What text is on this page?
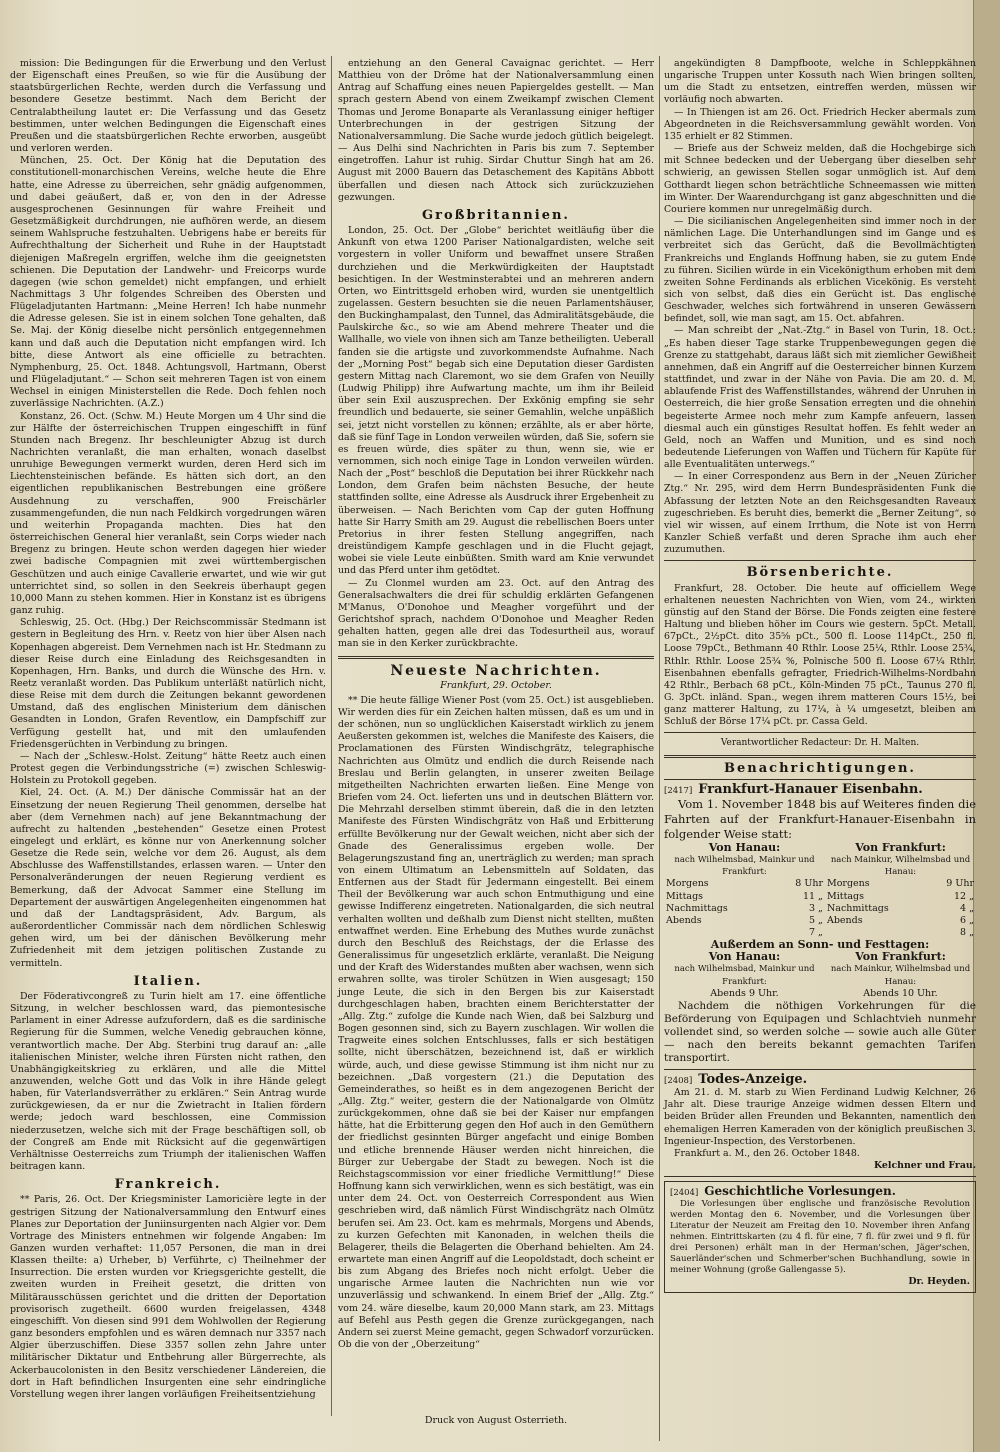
mission: Die Bedingungen für die Erwerbung und den Verlust der Eigenschaft eines Preußen, so wie für die Ausübung der staatsbürgerlichen Rechte, werden durch die Verfassung und besondere Gesetze bestimmt. Nach dem Bericht der Centralabtheilung lautet er: Die Verfassung und das Gesetz bestimmen, unter welchen Bedingungen die Eigenschaft eines Preußen und die staatsbürgerlichen Rechte erworben, ausgeübt und verloren werden.

München, 25. Oct. Der König hat die Deputation des constitutionell-monarchischen Vereins, welche heute die Ehre hatte, eine Adresse zu überreichen, sehr gnädig aufgenommen, und dabei geäußert, daß er, von den in der Adresse ausgesprochenen Gesinnungen für wahre Freiheit und Gesetzmäßigkeit durchdrungen, nie aufhören werde, an diesem seinem Wahlspruche festzuhalten. Uebrigens habe er bereits für Aufrechthaltung der Sicherheit und Ruhe in der Hauptstadt diejenigen Maßregeln ergriffen, welche ihm die geeignetsten schienen. Die Deputation der Landwehr- und Freicorps wurde dagegen (wie schon gemeldet) nicht empfangen, und erhielt Nachmittags 3 Uhr folgendes Schreiben des Obersten und Flügeladjutanten Hartmann: „Meine Herren! Ich habe nunmehr die Adresse gelesen. Sie ist in einem solchen Tone gehalten, daß Se. Maj. der König dieselbe nicht persönlich entgegennehmen kann und daß auch die Deputation nicht empfangen wird. Ich bitte, diese Antwort als eine officielle zu betrachten. Nymphenburg, 25. Oct. 1848. Achtungsvoll, Hartmann, Oberst und Flügeladjutant.“ — Schon seit mehreren Tagen ist von einem Wechsel in einigen Ministerstellen die Rede. Doch fehlen noch zuverlässige Nachrichten. (A.Z.)

Konstanz, 26. Oct. (Schw. M.) Heute Morgen um 4 Uhr sind die zur Hälfte der österreichischen Truppen eingeschifft in fünf Stunden nach Bregenz. Ihr beschleunigter Abzug ist durch Nachrichten veranlaßt, die man erhalten, wonach daselbst unruhige Bewegungen vermerkt wurden, deren Herd sich im Liechtensteinischen befände. Es hätten sich dort, an den eigentlichen republikanischen Bestrebungen eine größere Ausdehnung zu verschaffen, 900 Freischärler zusammengefunden, die nun nach Feldkirch vorgedrungen wären und weiterhin Propaganda machten. Dies hat den österreichischen General hier veranlaßt, sein Corps wieder nach Bregenz zu bringen. Heute schon werden dagegen hier wieder zwei badische Compagnien mit zwei württembergischen Geschützen und auch einige Cavallerie erwartet, und wie wir gut unterrichtet sind, so sollen in den Seekreis überhaupt gegen 10,000 Mann zu stehen kommen. Hier in Konstanz ist es übrigens ganz ruhig.

Schleswig, 25. Oct. (Hbg.) Der Reichscommissär Stedmann ist gestern in Begleitung des Hrn. v. Reetz von hier über Alsen nach Kopenhagen abgereist. Dem Vernehmen nach ist Hr. Stedmann zu dieser Reise durch eine Einladung des Reichsgesandten in Kopenhagen, Hrn. Banks, und durch die Wünsche des Hrn. v. Reetz veranlaßt worden. Das Publikum unterläßt natürlich nicht, diese Reise mit dem durch die Zeitungen bekannt gewordenen Umstand, daß des englischen Ministerium dem dänischen Gesandten in London, Grafen Reventlow, ein Dampfschiff zur Verfügung gestellt hat, und mit den umlaufenden Friedensgerüchten in Verbindung zu bringen.

— Nach der „Schlesw.-Holst. Zeitung“ hätte Reetz auch einen Protest gegen die Verbindungsstriche (=) zwischen Schleswig-Holstein zu Protokoll gegeben.

Kiel, 24. Oct. (A. M.) Der dänische Commissär hat an der Einsetzung der neuen Regierung Theil genommen, derselbe hat aber (dem Vernehmen nach) auf jene Bekanntmachung der aufrecht zu haltenden „bestehenden“ Gesetze einen Protest eingelegt und erklärt, es könne nur von Anerkennung solcher Gesetze die Rede sein, welche vor dem 26. August, als dem Abschlusse des Waffenstillstandes, erlassen waren. — Unter den Personalveränderungen der neuen Regierung verdient es Bemerkung, daß der Advocat Sammer eine Stellung im Departement der auswärtigen Angelegenheiten eingenommen hat und daß der Landtagspräsident, Adv. Bargum, als außerordentlicher Commissär nach dem nördlichen Schleswig gehen wird, um bei der dänischen Bevölkerung mehr Zufriedenheit mit dem jetzigen politischen Zustande zu vermitteln.

Italien.

Der Föderativcongreß zu Turin hielt am 17. eine öffentliche Sitzung, in welcher beschlossen ward, das piemontesische Parlament in einer Adresse aufzufordern, daß es die sardinische Regierung für die Summen, welche Venedig gebrauchen könne, verantwortlich mache. Der Abg. Sterbini trug darauf an: „alle italienischen Minister, welche ihren Fürsten nicht rathen, den Unabhängigkeitskrieg zu erklären, und alle die Mittel anzuwenden, welche Gott und das Volk in ihre Hände gelegt haben, für Vaterlandsverräther zu erklären.“ Sein Antrag wurde zurückgewiesen, da er nur die Zwietracht in Italien fördern werde; jedoch ward beschlossen, eine Commission niederzusetzen, welche sich mit der Frage beschäftigen soll, ob der Congreß am Ende mit Rücksicht auf die gegenwärtigen Verhältnisse Oesterreichs zum Triumph der italienischen Waffen beitragen kann.

Frankreich.

** Paris, 26. Oct. Der Kriegsminister Lamoricière legte in der gestrigen Sitzung der Nationalversammlung den Entwurf eines Planes zur Deportation der Juniinsurgenten nach Algier vor. Dem Vortrage des Ministers entnehmen wir folgende Angaben: Im Ganzen wurden verhaftet: 11,057 Personen, die man in drei Klassen theilte: a) Urheber, b) Verführte, c) Theilnehmer der Insurrection. Die ersten wurden vor Kriegsgerichte gestellt, die zweiten wurden in Freiheit gesetzt, die dritten von Militärausschüssen gerichtet und die dritten der Deportation provisorisch zugetheilt. 6600 wurden freigelassen, 4348 eingeschifft. Von diesen sind 991 dem Wohlwollen der Regierung ganz besonders empfohlen und es wären demnach nur 3357 nach Algier überzuschiffen. Diese 3357 sollen zehn Jahre unter militärischer Diktatur und Entbehrung aller Bürgerrechte, als Ackerbaucolonisten in den Besitz verschiedener Ländereien, die dort in Haft befindlichen Insurgenten eine sehr eindringliche Vorstellung wegen ihrer langen vorläufigen Freiheitsentziehung

entziehung an den General Cavaignac gerichtet. — Herr Matthieu von der Drôme hat der Nationalversammlung einen Antrag auf Schaffung eines neuen Papiergeldes gestellt. — Man sprach gestern Abend von einem Zweikampf zwischen Clement Thomas und Jerome Bonaparte als Veranlassung einiger heftiger Unterbrechungen in der gestrigen Sitzung der Nationalversammlung. Die Sache wurde jedoch gütlich beigelegt. — Aus Delhi sind Nachrichten in Paris bis zum 7. September eingetroffen. Lahur ist ruhig. Sirdar Chuttur Singh hat am 26. August mit 2000 Bauern das Detaschement des Kapitäns Abbott überfallen und diesen nach Attock sich zurückzuziehen gezwungen.

Großbritannien.

London, 25. Oct. Der „Globe“ berichtet weitläufig über die Ankunft von etwa 1200 Pariser Nationalgardisten, welche seit vorgestern in voller Uniform und bewaffnet unsere Straßen durchziehen und die Merkwürdigkeiten der Hauptstadt besichtigen. In der Westminsterabtei und an mehreren andern Orten, wo Eintrittsgeld erhoben wird, wurden sie unentgeltlich zugelassen. Gestern besuchten sie die neuen Parlamentshäuser, den Buckinghampalast, den Tunnel, das Admiralitätsgebäude, die Paulskirche &c., so wie am Abend mehrere Theater und die Wallhalle, wo viele von ihnen sich am Tanze betheiligten. Ueberall fanden sie die artigste und zuvorkommendste Aufnahme. Nach der „Morning Post“ begab sich eine Deputation dieser Gardisten gestern Mittag nach Claremont, wo sie dem Grafen von Neuilly (Ludwig Philipp) ihre Aufwartung machte, um ihm ihr Beileid über sein Exil auszusprechen. Der Exkönig empfing sie sehr freundlich und bedauerte, sie seiner Gemahlin, welche unpäßlich sei, jetzt nicht vorstellen zu können; erzählte, als er aber hörte, daß sie fünf Tage in London verweilen würden, daß Sie, sofern sie es freuen würde, dies später zu thun, wenn sie, wie er vernommen, sich noch einige Tage in London verweilen würden. Nach der „Post“ beschloß die Deputation bei ihrer Rückkehr nach London, dem Grafen beim nächsten Besuche, der heute stattfinden sollte, eine Adresse als Ausdruck ihrer Ergebenheit zu überweisen. — Nach Berichten vom Cap der guten Hoffnung hatte Sir Harry Smith am 29. August die rebellischen Boers unter Pretorius in ihrer festen Stellung angegriffen, nach dreistündigem Kampfe geschlagen und in die Flucht gejagt, wobei sie viele Leute einbüßten. Smith ward am Knie verwundet und das Pferd unter ihm getödtet.

— Zu Clonmel wurden am 23. Oct. auf den Antrag des Generalsachwalters die drei für schuldig erklärten Gefangenen M'Manus, O'Donohoe und Meagher vorgeführt und der Gerichtshof sprach, nachdem O'Donohoe und Meagher Reden gehalten hatten, gegen alle drei das Todesurtheil aus, worauf man sie in den Kerker zurückbrachte.

Neueste Nachrichten.
Frankfurt, 29. October.

** Die heute fällige Wiener Post (vom 25. Oct.) ist ausgeblieben. Wir werden dies für ein Zeichen halten müssen, daß es um und in der schönen, nun so unglücklichen Kaiserstadt wirklich zu jenem Aeußersten gekommen ist, welches die Manifeste des Kaisers, die Proclamationen des Fürsten Windischgrätz, telegraphische Nachrichten aus Olmütz und endlich die durch Reisende nach Breslau und Berlin gelangten, in unserer zweiten Beilage mitgetheilten Nachrichten erwarten ließen. Eine Menge von Briefen vom 24. Oct. lieferten uns und in deutschen Blättern vor. Die Mehrzahl derselben stimmt überein, daß die in den letzten Manifeste des Fürsten Windischgrätz von Haß und Erbitterung erfüllte Bevölkerung nur der Gewalt weichen, nicht aber sich der Gnade des Generalissimus ergeben wolle. Der Belagerungszustand fing an, unerträglich zu werden; man sprach von einem Ultimatum an Lebensmitteln auf Soldaten, das Entfernen aus der Stadt für Jedermann eingestellt. Bei einem Theil der Bevölkerung war auch schon Entmuthigung und eine gewisse Indifferenz eingetreten. Nationalgarden, die sich neutral verhalten wollten und deßhalb zum Dienst nicht stellten, mußten entwaffnet werden. Eine Erhebung des Muthes wurde zunächst durch den Beschluß des Reichstags, der die Erlasse des Generalissimus für ungesetzlich erklärte, veranlaßt. Die Neigung und der Kraft des Widerstandes mußten aber wachsen, wenn sich erwahren sollte, was tiroler Schützen in Wien ausgesagt; 150 junge Leute, die sich in den Bergen bis zur Kaiserstadt durchgeschlagen haben, brachten einem Berichterstatter der „Allg. Ztg.“ zufolge die Kunde nach Wien, daß bei Salzburg und Bogen gesonnen sind, sich zu Bayern zuschlagen. Wir wollen die Tragweite eines solchen Entschlusses, falls er sich bestätigen sollte, nicht überschätzen, bezeichnend ist, daß er wirklich würde, auch, und diese gewisse Stimmung ist ihm nicht nur zu bezeichnen. „Daß vorgestern (21.) die Deputation des Gemeinderathes, so heißt es in dem angezogenen Bericht der „Allg. Ztg.“ weiter, gestern die der Nationalgarde von Olmütz zurückgekommen, ohne daß sie bei der Kaiser nur empfangen hätte, hat die Erbitterung gegen den Hof auch in den Gemüthern der friedlichst gesinnten Bürger angefacht und einige Bomben und etliche brennende Häuser werden nicht hinreichen, die Bürger zur Uebergabe der Stadt zu bewegen. Noch ist die Reichstagscommission vor einer friedliche Vermittlung!“ Diese Hoffnung kann sich verwirklichen, wenn es sich bestätigt, was ein unter dem 24. Oct. von Oesterreich Correspondent aus Wien geschrieben wird, daß nämlich Fürst Windischgrätz nach Olmütz berufen sei. Am 23. Oct. kam es mehrmals, Morgens und Abends, zu kurzen Gefechten mit Kanonaden, in welchen theils die Belagerer, theils die Belagerten die Oberhand behielten. Am 24. erwartete man einen Angriff auf die Leopoldstadt, doch scheint er bis zum Abgang des Briefes noch nicht erfolgt. Ueber die ungarische Armee lauten die Nachrichten nun wie vor unzuverlässig und schwankend. In einem Brief der „Allg. Ztg.“ vom 24. wäre dieselbe, kaum 20,000 Mann stark, am 23. Mittags auf Befehl aus Pesth gegen die Grenze zurückgegangen, nach Andern sei zuerst Meine gemacht, gegen Schwadorf vorzurücken. Ob die von der „Oberzeitung“

Druck von August Osterrieth.

angekündigten 8 Dampfboote, welche in Schleppkähnen ungarische Truppen unter Kossuth nach Wien bringen sollten, um die Stadt zu entsetzen, eintreffen werden, müssen wir vorläufig noch abwarten.

— In Thiengen ist am 26. Oct. Friedrich Hecker abermals zum Abgeordneten in die Reichsversammlung gewählt worden. Von 135 erhielt er 82 Stimmen.

— Briefe aus der Schweiz melden, daß die Hochgebirge sich mit Schnee bedecken und der Uebergang über dieselben sehr schwierig, an gewissen Stellen sogar unmöglich ist. Auf dem Gotthardt liegen schon beträchtliche Schneemassen wie mitten im Winter. Der Waarendurchgang ist ganz abgeschnitten und die Couriere kommen nur unregelmäßig durch.

— Die sicilianischen Angelegenheiten sind immer noch in der nämlichen Lage. Die Unterhandlungen sind im Gange und es verbreitet sich das Gerücht, daß die Bevollmächtigten Frankreichs und Englands Hoffnung haben, sie zu gutem Ende zu führen. Sicilien würde in ein Vicekönigthum erhoben mit dem zweiten Sohne Ferdinands als erblichen Vicekönig. Es versteht sich von selbst, daß dies ein Gerücht ist. Das englische Geschwader, welches sich fortwährend in unseren Gewässern befindet, soll, wie man sagt, am 15. Oct. abfahren.

— Man schreibt der „Nat.-Ztg.“ in Basel von Turin, 18. Oct.: „Es haben dieser Tage starke Truppenbewegungen gegen die Grenze zu stattgehabt, daraus läßt sich mit ziemlicher Gewißheit annehmen, daß ein Angriff auf die Oesterreicher binnen Kurzem stattfindet, und zwar in der Nähe von Pavia. Die am 20. d. M. ablaufende Frist des Waffenstillstandes, während der Unruhen in Oesterreich, die hier große Sensation erregten und die ohnehin begeisterte Armee noch mehr zum Kampfe anfeuern, lassen diesmal auch ein günstiges Resultat hoffen. Es fehlt weder an Geld, noch an Waffen und Munition, und es sind noch bedeutende Lieferungen von Waffen und Tüchern für Kapüte für alle Eventualitäten unterwegs.“

— In einer Correspondenz aus Bern in der „Neuen Züricher Ztg.“ Nr. 295, wird dem Herrn Bundespräsidenten Funk die Abfassung der letzten Note an den Reichsgesandten Raveaux zugeschrieben. Es beruht dies, bemerkt die „Berner Zeitung“, so viel wir wissen, auf einem Irrthum, die Note ist von Herrn Kanzler Schieß verfaßt und deren Sprache ihm auch eher zuzumuthen.

Börsenberichte.

Frankfurt, 28. October. Die heute auf officiellem Wege erhaltenen neuesten Nachrichten von Wien, vom 24., wirkten günstig auf den Stand der Börse. Die Fonds zeigten eine festere Haltung und blieben höher im Cours wie gestern. 5pCt. Metall. 67pCt., 2½pCt. dito 35⁵⁄₈ pCt., 500 fl. Loose 114pCt., 250 fl. Loose 79pCt., Bethmann 40 Rthlr. Loose 25¼, Rthlr. Loose 25¾, Rthlr. Rthlr. Loose 25¾ %, Polnische 500 fl. Loose 67¼ Rthlr. Eisenbahnen ebenfalls gefragter, Friedrich-Wilhelms-Nordbahn 42 Rthlr., Berbach 68 pCt., Köln-Minden 75 pCt., Taunus 270 fl. G. 3pCt. inländ. Span., wegen ihrem matteren Cours 15½, bei ganz matterer Haltung, zu 17¼, à ¼ umgesetzt, bleiben am Schluß der Börse 17¼ pCt. pr. Cassa Geld.

Verantwortlicher Redacteur: Dr. H. Malten.
Benachrichtigungen.
[2417] Frankfurt-Hanauer Eisenbahn.
Vom 1. November 1848 bis auf Weiteres finden die Fahrten auf der Frankfurt-Hanauer-Eisenbahn in folgender Weise statt:
Von Hanau:		Von Frankfurt:	
nach Wilhelmsbad, Mainkur und Frankfurt:		nach Mainkur, Wilhelmsbad und Hanau:	
Morgens	8 Uhr	Morgens	9 Uhr
Mittags	11 „	Mittags	12 „
Nachmittags	3 „	Nachmittags	4 „
Abends	5 „	Abends	6 „
	7 „		8 „
Außerdem an Sonn- und Festtagen:			
Von Hanau:		Von Frankfurt:	
nach Wilhelmsbad, Mainkur und Frankfurt:		nach Mainkur, Wilhelmsbad und Hanau:	
Abends 9 Uhr.		Abends 10 Uhr.	
Nachdem die nöthigen Vorkehrungen für die Beförderung von Equipagen und Schlachtvieh nunmehr vollendet sind, so werden solche — sowie auch alle Güter — nach den bereits bekannt gemachten Tarifen transportirt.
[2408] Todes-Anzeige.

Am 21. d. M. starb zu Wien Ferdinand Ludwig Kelchner, 26 Jahr alt. Diese traurige Anzeige widmen dessen Eltern und beiden Brüder allen Freunden und Bekannten, namentlich den ehemaligen Herren Kameraden von der königlich preußischen 3. Ingenieur-Inspection, des Verstorbenen.

Frankfurt a. M., den 26. October 1848.

Kelchner und Frau.
[2404] Geschichtliche Vorlesungen.

Die Vorlesungen über englische und französische Revolution werden Montag den 6. November, und die Vorlesungen über Literatur der Neuzeit am Freitag den 10. November ihren Anfang nehmen. Eintrittskarten (zu 4 fl. für eine, 7 fl. für zwei und 9 fl. für drei Personen) erhält man in der Herman'schen, Jäger'schen, Sauerländer'schen und Schmerber'schen Buchhandlung, sowie in meiner Wohnung (große Gallengasse 5).

Dr. Heyden.
